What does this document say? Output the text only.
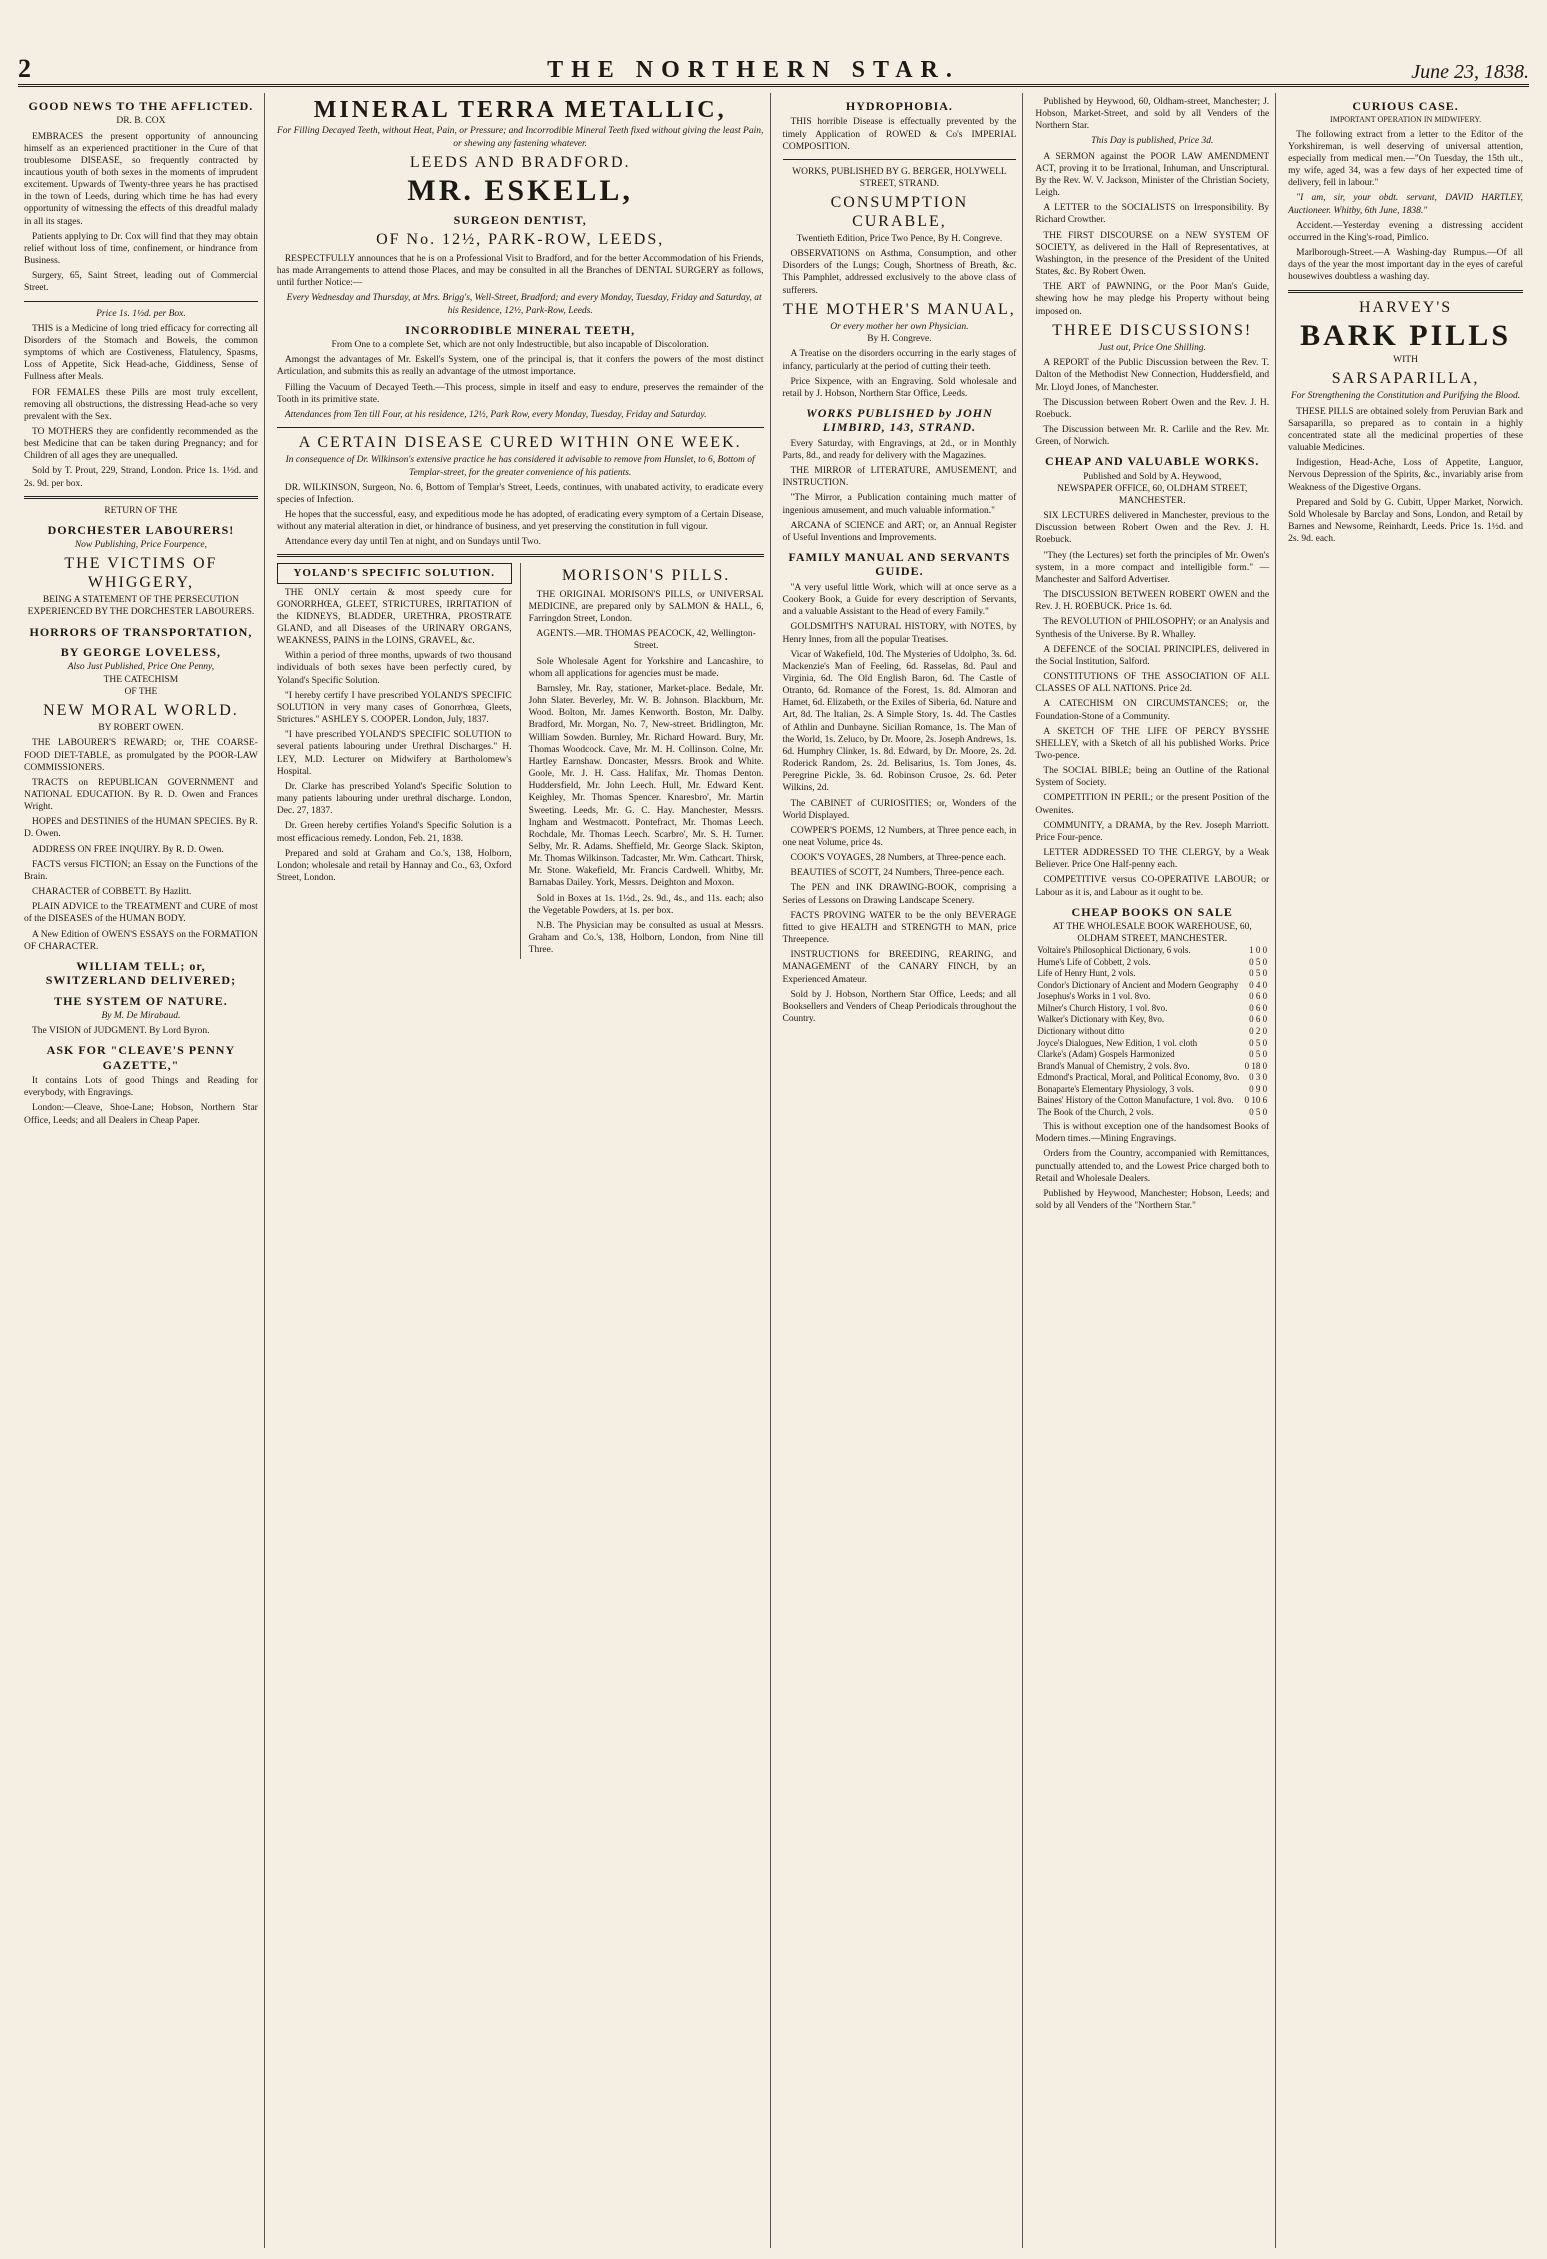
2	THE NORTHERN STAR.	June 23, 1838.
GOOD NEWS TO THE AFFLICTED.
DR. B. COX

EMBRACES the present opportunity of announcing himself as an experienced practitioner in the Cure of that troublesome DISEASE, so frequently contracted by incautious youth of both sexes in the moments of imprudent excitement. Upwards of Twenty-three years he has practised in the town of Leeds, during which time he has had every opportunity of witnessing the effects of this dreadful malady in all its stages.

Patients applying to Dr. Cox will find that they may obtain relief without loss of time, confinement, or hindrance from Business.

Surgery, 65, Saint Street, leading out of Commercial Street.

Price 1s. 1½d. per Box.

THIS is a Medicine of long tried efficacy for correcting all Disorders of the Stomach and Bowels, the common symptoms of which are Costiveness, Flatulency, Spasms, Loss of Appetite, Sick Head-ache, Giddiness, Sense of Fullness after Meals.

FOR FEMALES these Pills are most truly excellent, removing all obstructions, the distressing Head-ache so very prevalent with the Sex.

TO MOTHERS they are confidently recommended as the best Medicine that can be taken during Pregnancy; and for Children of all ages they are unequalled.

Sold by T. Prout, 229, Strand, London. Price 1s. 1½d. and 2s. 9d. per box.

RETURN OF THE
DORCHESTER LABOURERS!
Now Publishing, Price Fourpence,
THE VICTIMS OF WHIGGERY,
BEING A STATEMENT OF THE PERSECUTION EXPERIENCED BY THE DORCHESTER LABOURERS.
HORRORS OF TRANSPORTATION,
BY GEORGE LOVELESS,
Also Just Published, Price One Penny,
THE CATECHISM
OF THE
NEW MORAL WORLD.
BY ROBERT OWEN.

THE LABOURER'S REWARD; or, THE COARSE-FOOD DIET-TABLE, as promulgated by the POOR-LAW COMMISSIONERS.

TRACTS on REPUBLICAN GOVERNMENT and NATIONAL EDUCATION. By R. D. Owen and Frances Wright.

HOPES and DESTINIES of the HUMAN SPECIES. By R. D. Owen.

ADDRESS ON FREE INQUIRY. By R. D. Owen.

FACTS versus FICTION; an Essay on the Functions of the Brain.

CHARACTER of COBBETT. By Hazlitt.

PLAIN ADVICE to the TREATMENT and CURE of most of the DISEASES of the HUMAN BODY.

A New Edition of OWEN'S ESSAYS on the FORMATION OF CHARACTER.

WILLIAM TELL; or, SWITZERLAND DELIVERED;
THE SYSTEM OF NATURE.
By M. De Mirabaud.

The VISION of JUDGMENT. By Lord Byron.

ASK FOR "CLEAVE'S PENNY GAZETTE,"

It contains Lots of good Things and Reading for everybody, with Engravings.

London:—Cleave, Shoe-Lane; Hobson, Northern Star Office, Leeds; and all Dealers in Cheap Paper.

MINERAL TERRA METALLIC,
For Filling Decayed Teeth, without Heat, Pain, or Pressure; and Incorrodible Mineral Teeth fixed without giving the least Pain, or shewing any fastening whatever.
LEEDS AND BRADFORD.
MR. ESKELL,
SURGEON DENTIST,
OF No. 12½, PARK-ROW, LEEDS,

RESPECTFULLY announces that he is on a Professional Visit to Bradford, and for the better Accommodation of his Friends, has made Arrangements to attend those Places, and may be consulted in all the Branches of DENTAL SURGERY as follows, until further Notice:—

Every Wednesday and Thursday, at Mrs. Brigg's, Well-Street, Bradford; and every Monday, Tuesday, Friday and Saturday, at his Residence, 12½, Park-Row, Leeds.

INCORRODIBLE MINERAL TEETH,
From One to a complete Set, which are not only Indestructible, but also incapable of Discoloration.

Amongst the advantages of Mr. Eskell's System, one of the principal is, that it confers the powers of the most distinct Articulation, and submits this as really an advantage of the utmost importance.

Filling the Vacuum of Decayed Teeth.—This process, simple in itself and easy to endure, preserves the remainder of the Tooth in its primitive state.

Attendances from Ten till Four, at his residence, 12½, Park Row, every Monday, Tuesday, Friday and Saturday.

A CERTAIN DISEASE CURED WITHIN ONE WEEK.
In consequence of Dr. Wilkinson's extensive practice he has considered it advisable to remove from Hunslet, to 6, Bottom of Templar-street, for the greater convenience of his patients.

DR. WILKINSON, Surgeon, No. 6, Bottom of Templar's Street, Leeds, continues, with unabated activity, to eradicate every species of Infection.

He hopes that the successful, easy, and expeditious mode he has adopted, of eradicating every symptom of a Certain Disease, without any material alteration in diet, or hindrance of business, and yet preserving the constitution in full vigour.

Attendance every day until Ten at night, and on Sundays until Two.

YOLAND'S SPECIFIC SOLUTION.

THE ONLY certain & most speedy cure for GONORRHŒA, GLEET, STRICTURES, IRRITATION of the KIDNEYS, BLADDER, URETHRA, PROSTRATE GLAND, and all Diseases of the URINARY ORGANS, WEAKNESS, PAINS in the LOINS, GRAVEL, &c.

Within a period of three months, upwards of two thousand individuals of both sexes have been perfectly cured, by Yoland's Specific Solution.

"I hereby certify I have prescribed YOLAND'S SPECIFIC SOLUTION in very many cases of Gonorrhœa, Gleets, Strictures." ASHLEY S. COOPER. London, July, 1837.

"I have prescribed YOLAND'S SPECIFIC SOLUTION to several patients labouring under Urethral Discharges." H. LEY, M.D. Lecturer on Midwifery at Bartholomew's Hospital.

Dr. Clarke has prescribed Yoland's Specific Solution to many patients labouring under urethral discharge. London, Dec. 27, 1837.

Dr. Green hereby certifies Yoland's Specific Solution is a most efficacious remedy. London, Feb. 21, 1838.

Prepared and sold at Graham and Co.'s, 138, Holborn, London; wholesale and retail by Hannay and Co., 63, Oxford Street, London.

MORISON'S PILLS.

THE ORIGINAL MORISON'S PILLS, or UNIVERSAL MEDICINE, are prepared only by SALMON & HALL, 6, Farringdon Street, London.

AGENTS.—MR. THOMAS PEACOCK, 42, Wellington-Street.

Sole Wholesale Agent for Yorkshire and Lancashire, to whom all applications for agencies must be made.

Barnsley, Mr. Ray, stationer, Market-place. Bedale, Mr. John Slater. Beverley, Mr. W. B. Johnson. Blackburn, Mr. Wood. Bolton, Mr. James Kenworth. Boston, Mr. Dalby. Bradford, Mr. Morgan, No. 7, New-street. Bridlington, Mr. William Sowden. Burnley, Mr. Richard Howard. Bury, Mr. Thomas Woodcock. Cave, Mr. M. H. Collinson. Colne, Mr. Hartley Earnshaw. Doncaster, Messrs. Brook and White. Goole, Mr. J. H. Cass. Halifax, Mr. Thomas Denton. Huddersfield, Mr. John Leech. Hull, Mr. Edward Kent. Keighley, Mr. Thomas Spencer. Knaresbro', Mr. Martin Sweeting. Leeds, Mr. G. C. Hay. Manchester, Messrs. Ingham and Westmacott. Pontefract, Mr. Thomas Leech. Rochdale, Mr. Thomas Leech. Scarbro', Mr. S. H. Turner. Selby, Mr. R. Adams. Sheffield, Mr. George Slack. Skipton, Mr. Thomas Wilkinson. Tadcaster, Mr. Wm. Cathcart. Thirsk, Mr. Stone. Wakefield, Mr. Francis Cardwell. Whitby, Mr. Barnabas Dailey. York, Messrs. Deighton and Moxon.

Sold in Boxes at 1s. 1½d., 2s. 9d., 4s., and 11s. each; also the Vegetable Powders, at 1s. per box.

N.B. The Physician may be consulted as usual at Messrs. Graham and Co.'s, 138, Holborn, London, from Nine till Three.

HYDROPHOBIA.

THIS horrible Disease is effectually prevented by the timely Application of ROWED & Co's IMPERIAL COMPOSITION.

WORKS, PUBLISHED BY G. BERGER, HOLYWELL STREET, STRAND.
CONSUMPTION CURABLE,
Twentieth Edition, Price Two Pence, By H. Congreve.

OBSERVATIONS on Asthma, Consumption, and other Disorders of the Lungs; Cough, Shortness of Breath, &c. This Pamphlet, addressed exclusively to the above class of sufferers.

THE MOTHER'S MANUAL,
Or every mother her own Physician.
By H. Congreve.

A Treatise on the disorders occurring in the early stages of infancy, particularly at the period of cutting their teeth.

Price Sixpence, with an Engraving. Sold wholesale and retail by J. Hobson, Northern Star Office, Leeds.

WORKS PUBLISHED by JOHN LIMBIRD, 143, STRAND.

Every Saturday, with Engravings, at 2d., or in Monthly Parts, 8d., and ready for delivery with the Magazines.

THE MIRROR of LITERATURE, AMUSEMENT, and INSTRUCTION.

"The Mirror, a Publication containing much matter of ingenious amusement, and much valuable information."

ARCANA of SCIENCE and ART; or, an Annual Register of Useful Inventions and Improvements.

FAMILY MANUAL AND SERVANTS GUIDE.

"A very useful little Work, which will at once serve as a Cookery Book, a Guide for every description of Servants, and a valuable Assistant to the Head of every Family."

GOLDSMITH'S NATURAL HISTORY, with NOTES, by Henry Innes, from all the popular Treatises.

Vicar of Wakefield, 10d. The Mysteries of Udolpho, 3s. 6d. Mackenzie's Man of Feeling, 6d. Rasselas, 8d. Paul and Virginia, 6d. The Old English Baron, 6d. The Castle of Otranto, 6d. Romance of the Forest, 1s. 8d. Almoran and Hamet, 6d. Elizabeth, or the Exiles of Siberia, 6d. Nature and Art, 8d. The Italian, 2s. A Simple Story, 1s. 4d. The Castles of Athlin and Dunbayne. Sicilian Romance, 1s. The Man of the World, 1s. Zeluco, by Dr. Moore, 2s. Joseph Andrews, 1s. 6d. Humphry Clinker, 1s. 8d. Edward, by Dr. Moore, 2s. 2d. Roderick Random, 2s. 2d. Belisarius, 1s. Tom Jones, 4s. Peregrine Pickle, 3s. 6d. Robinson Crusoe, 2s. 6d. Peter Wilkins, 2d.

The CABINET of CURIOSITIES; or, Wonders of the World Displayed.

COWPER'S POEMS, 12 Numbers, at Three pence each, in one neat Volume, price 4s.

COOK'S VOYAGES, 28 Numbers, at Three-pence each.

BEAUTIES of SCOTT, 24 Numbers, Three-pence each.

The PEN and INK DRAWING-BOOK, comprising a Series of Lessons on Drawing Landscape Scenery.

FACTS PROVING WATER to be the only BEVERAGE fitted to give HEALTH and STRENGTH to MAN, price Threepence.

INSTRUCTIONS for BREEDING, REARING, and MANAGEMENT of the CANARY FINCH, by an Experienced Amateur.

Sold by J. Hobson, Northern Star Office, Leeds; and all Booksellers and Venders of Cheap Periodicals throughout the Country.

Published by Heywood, 60, Oldham-street, Manchester; J. Hobson, Market-Street, and sold by all Venders of the Northern Star.

This Day is published, Price 3d.

A SERMON against the POOR LAW AMENDMENT ACT, proving it to be Irrational, Inhuman, and Unscriptural. By the Rev. W. V. Jackson, Minister of the Christian Society, Leigh.

A LETTER to the SOCIALISTS on Irresponsibility. By Richard Crowther.

THE FIRST DISCOURSE on a NEW SYSTEM OF SOCIETY, as delivered in the Hall of Representatives, at Washington, in the presence of the President of the United States, &c. By Robert Owen.

THE ART of PAWNING, or the Poor Man's Guide, shewing how he may pledge his Property without being imposed on.

THREE DISCUSSIONS!
Just out, Price One Shilling.

A REPORT of the Public Discussion between the Rev. T. Dalton of the Methodist New Connection, Huddersfield, and Mr. Lloyd Jones, of Manchester.

The Discussion between Robert Owen and the Rev. J. H. Roebuck.

The Discussion between Mr. R. Carlile and the Rev. Mr. Green, of Norwich.

CHEAP AND VALUABLE WORKS.
Published and Sold by A. Heywood,
NEWSPAPER OFFICE, 60, OLDHAM STREET, MANCHESTER.

SIX LECTURES delivered in Manchester, previous to the Discussion between Robert Owen and the Rev. J. H. Roebuck.

"They (the Lectures) set forth the principles of Mr. Owen's system, in a more compact and intelligible form." —Manchester and Salford Advertiser.

The DISCUSSION BETWEEN ROBERT OWEN and the Rev. J. H. ROEBUCK. Price 1s. 6d.

The REVOLUTION of PHILOSOPHY; or an Analysis and Synthesis of the Universe. By R. Whalley.

A DEFENCE of the SOCIAL PRINCIPLES, delivered in the Social Institution, Salford.

CONSTITUTIONS OF THE ASSOCIATION OF ALL CLASSES OF ALL NATIONS. Price 2d.

A CATECHISM ON CIRCUMSTANCES; or, the Foundation-Stone of a Community.

A SKETCH OF THE LIFE OF PERCY BYSSHE SHELLEY, with a Sketch of all his published Works. Price Two-pence.

The SOCIAL BIBLE; being an Outline of the Rational System of Society.

COMPETITION IN PERIL; or the present Position of the Owenites.

COMMUNITY, a DRAMA, by the Rev. Joseph Marriott. Price Four-pence.

LETTER ADDRESSED TO THE CLERGY, by a Weak Believer. Price One Half-penny each.

COMPETITIVE versus CO-OPERATIVE LABOUR; or Labour as it is, and Labour as it ought to be.

CHEAP BOOKS ON SALE
AT THE WHOLESALE BOOK WAREHOUSE, 60, OLDHAM STREET, MANCHESTER.
Voltaire's Philosophical Dictionary, 6 vols.	1 0 0
Hume's Life of Cobbett, 2 vols.	0 5 0
Life of Henry Hunt, 2 vols.	0 5 0
Condor's Dictionary of Ancient and Modern Geography	0 4 0
Josephus's Works in 1 vol. 8vo.	0 6 0
Milner's Church History, 1 vol. 8vo.	0 6 0
Walker's Dictionary with Key, 8vo.	0 6 0
Dictionary without ditto	0 2 0
Joyce's Dialogues, New Edition, 1 vol. cloth	0 5 0
Clarke's (Adam) Gospels Harmonized	0 5 0
Brand's Manual of Chemistry, 2 vols. 8vo.	0 18 0
Edmond's Practical, Moral, and Political Economy, 8vo.	0 3 0
Bonaparte's Elementary Physiology, 3 vols.	0 9 0
Baines' History of the Cotton Manufacture, 1 vol. 8vo.	0 10 6
The Book of the Church, 2 vols.	0 5 0

This is without exception one of the handsomest Books of Modern times.—Mining Engravings.

Orders from the Country, accompanied with Remittances, punctually attended to, and the Lowest Price charged both to Retail and Wholesale Dealers.

Published by Heywood, Manchester; Hobson, Leeds; and sold by all Venders of the "Northern Star."

CURIOUS CASE.
IMPORTANT OPERATION IN MIDWIFERY.

The following extract from a letter to the Editor of the Yorkshireman, is well deserving of universal attention, especially from medical men.—"On Tuesday, the 15th ult., my wife, aged 34, was a few days of her expected time of delivery, fell in labour."

"I am, sir, your obdt. servant, DAVID HARTLEY, Auctioneer. Whitby, 6th June, 1838."

Accident.—Yesterday evening a distressing accident occurred in the King's-road, Pimlico.

Marlborough-Street.—A Washing-day Rumpus.—Of all days of the year the most important day in the eyes of careful housewives doubtless a washing day.

HARVEY'S
BARK PILLS
WITH
SARSAPARILLA,
For Strengthening the Constitution and Purifying the Blood.

THESE PILLS are obtained solely from Peruvian Bark and Sarsaparilla, so prepared as to contain in a highly concentrated state all the medicinal properties of these valuable Medicines.

Indigestion, Head-Ache, Loss of Appetite, Languor, Nervous Depression of the Spirits, &c., invariably arise from Weakness of the Digestive Organs.

Prepared and Sold by G. Cubitt, Upper Market, Norwich. Sold Wholesale by Barclay and Sons, London, and Retail by Barnes and Newsome, Reinhardt, Leeds. Price 1s. 1½d. and 2s. 9d. each.
